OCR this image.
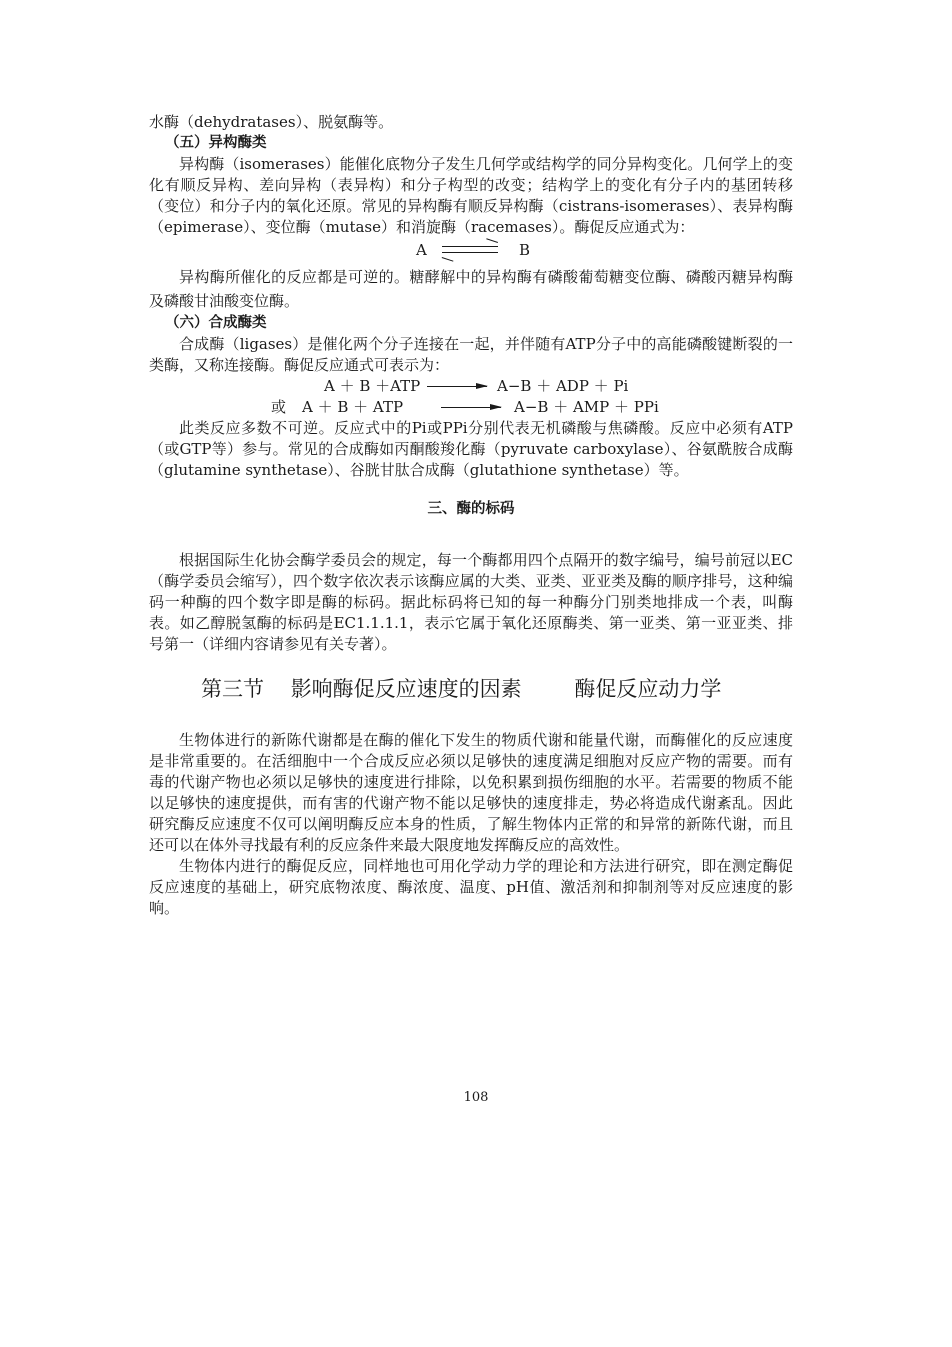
水酶（dehydratases）、脱氨酶等。

（五）异构酶类

异构酶（isomerases）能催化底物分子发生几何学或结构学的同分异构变化。几何学上的变化有顺反异构、差向异构（表异构）和分子构型的改变；结构学上的变化有分子内的基团转移（变位）和分子内的氧化还原。常见的异构酶有顺反异构酶（cistrans-isomerases）、表异构酶（epimerase）、变位酶（mutase）和消旋酶（racemases）。酶促反应通式为：

A	B

异构酶所催化的反应都是可逆的。糖酵解中的异构酶有磷酸葡萄糖变位酶、磷酸丙糖异构酶及磷酸甘油酸变位酶。

（六）合成酶类

合成酶（ligases）是催化两个分子连接在一起，并伴随有ATP分子中的高能磷酸键断裂的一类酶，又称连接酶。酶促反应通式可表示为：

A ＋ B ＋ATP	A−B ＋ ADP ＋ Pi
或 A ＋ B ＋ ATP	A−B ＋ AMP ＋ PPi

此类反应多数不可逆。反应式中的Pi或PPi分别代表无机磷酸与焦磷酸。反应中必须有ATP（或GTP等）参与。常见的合成酶如丙酮酸羧化酶（pyruvate carboxylase）、谷氨酰胺合成酶（glutamine synthetase）、谷胱甘肽合成酶（glutathione synthetase）等。

三、酶的标码

根据国际生化协会酶学委员会的规定，每一个酶都用四个点隔开的数字编号，编号前冠以EC（酶学委员会缩写），四个数字依次表示该酶应属的大类、亚类、亚亚类及酶的顺序排号，这种编码一种酶的四个数字即是酶的标码。据此标码将已知的每一种酶分门别类地排成一个表，叫酶表。如乙醇脱氢酶的标码是EC1.1.1.1，表示它属于氧化还原酶类、第一亚类、第一亚亚类、排号第一（详细内容请参见有关专著）。

第三节 影响酶促反应速度的因素	酶促反应动力学

生物体进行的新陈代谢都是在酶的催化下发生的物质代谢和能量代谢，而酶催化的反应速度是非常重要的。在活细胞中一个合成反应必须以足够快的速度满足细胞对反应产物的需要。而有毒的代谢产物也必须以足够快的速度进行排除，以免积累到损伤细胞的水平。若需要的物质不能以足够快的速度提供，而有害的代谢产物不能以足够快的速度排走，势必将造成代谢紊乱。因此研究酶反应速度不仅可以阐明酶反应本身的性质，了解生物体内正常的和异常的新陈代谢，而且还可以在体外寻找最有利的反应条件来最大限度地发挥酶反应的高效性。

生物体内进行的酶促反应，同样地也可用化学动力学的理论和方法进行研究，即在测定酶促反应速度的基础上，研究底物浓度、酶浓度、温度、pH值、激活剂和抑制剂等对反应速度的影响。

108
